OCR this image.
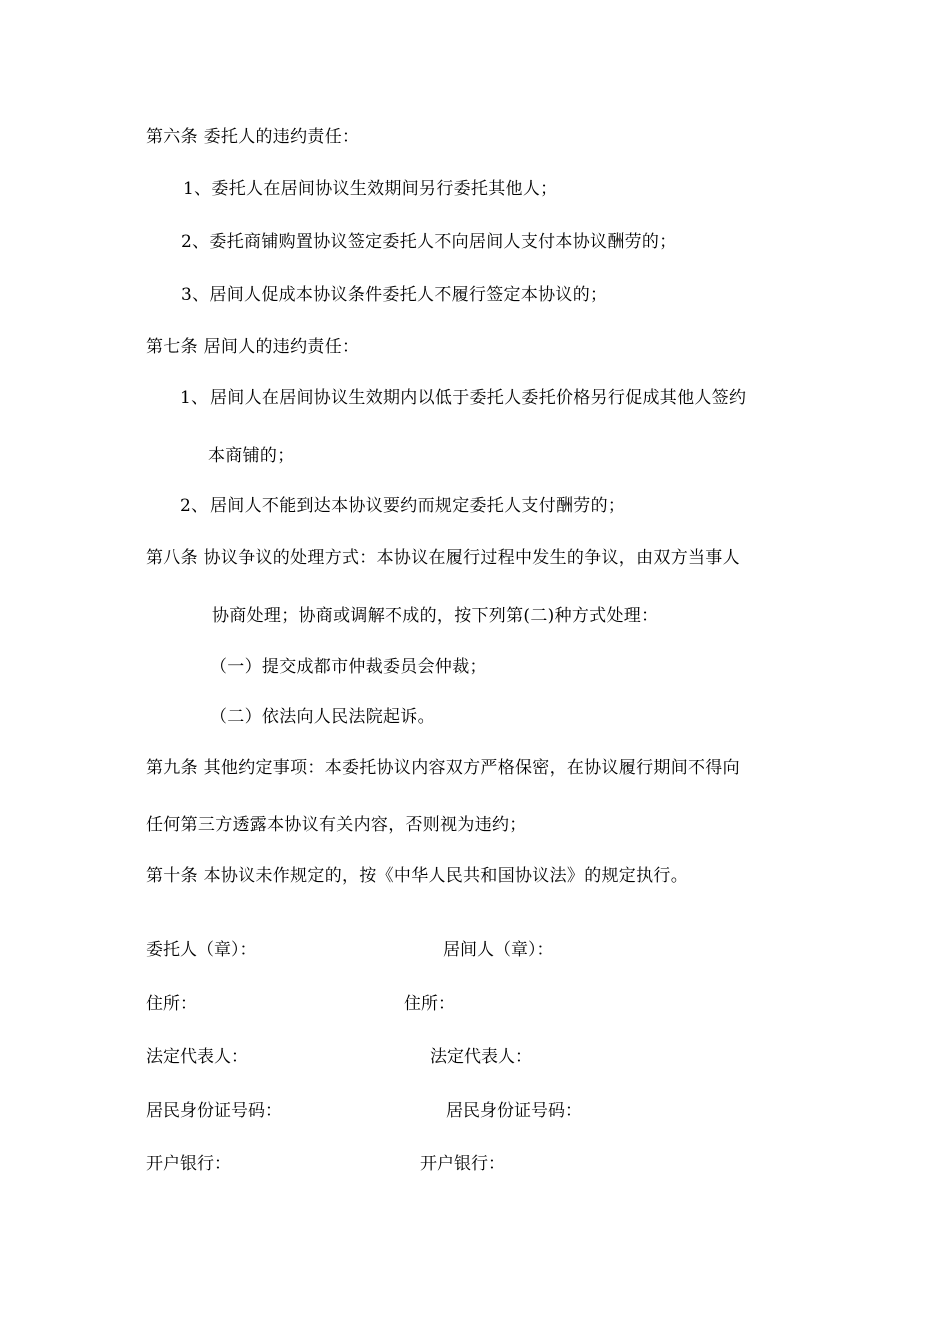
第六条 委托人的违约责任：
1、委托人在居间协议生效期间另行委托其他人；
2、委托商铺购置协议签定委托人不向居间人支付本协议酬劳的；
3、居间人促成本协议条件委托人不履行签定本协议的；
第七条 居间人的违约责任：
1、 居间人在居间协议生效期内以低于委托人委托价格另行促成其他人签约
本商铺的；
2、 居间人不能到达本协议要约而规定委托人支付酬劳的；
第八条 协议争议的处理方式：本协议在履行过程中发生的争议，由双方当事人
协商处理；协商或调解不成的，按下列第(二)种方式处理：
（一）提交成都市仲裁委员会仲裁；
（二）依法向人民法院起诉。
第九条 其他约定事项：本委托协议内容双方严格保密，在协议履行期间不得向
任何第三方透露本协议有关内容，否则视为违约；
第十条 本协议未作规定的，按《中华人民共和国协议法》的规定执行。
委托人（章）：	居间人（章）：
住所：	住所：
法定代表人：	法定代表人：
居民身份证号码：	居民身份证号码：
开户银行：	开户银行：
